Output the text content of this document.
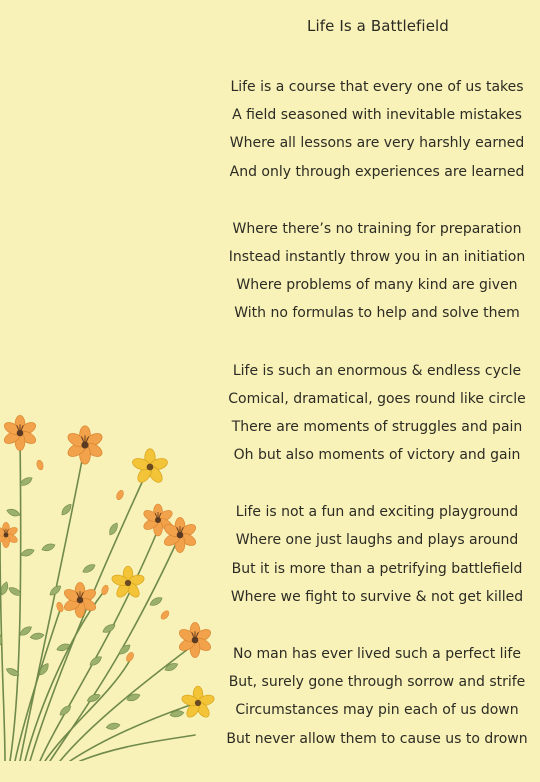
Life Is a Battlefield
Life is a course that every one of us takes
A field seasoned with inevitable mistakes
Where all lessons are very harshly earned
And only through experiences are learned
Where there’s no training for preparation
Instead instantly throw you in an initiation
Where problems of many kind are given
With no formulas to help and solve them
Life is such an enormous & endless cycle
Comical, dramatical, goes round like circle
There are moments of struggles and pain
Oh but also moments of victory and gain
Life is not a fun and exciting playground
Where one just laughs and plays around
But it is more than a petrifying battlefield
Where we fight to survive & not get killed
No man has ever lived such a perfect life
But, surely gone through sorrow and strife
Circumstances may pin each of us down
But never allow them to cause us to drown
